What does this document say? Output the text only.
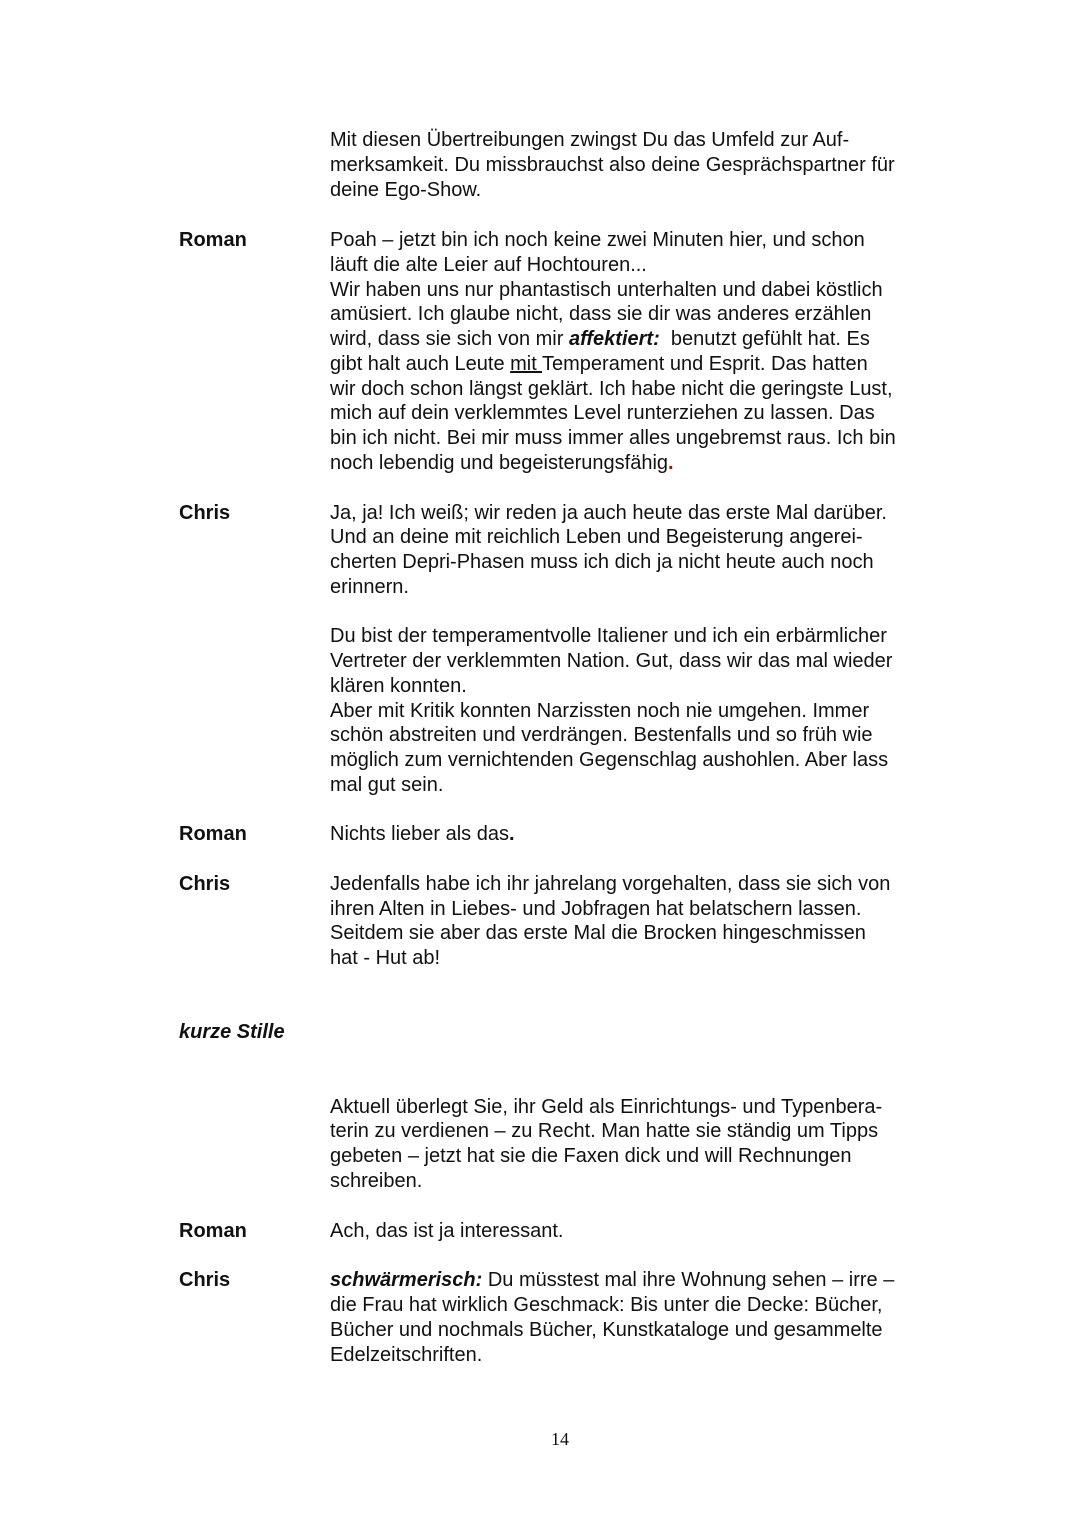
Mit diesen Übertreibungen zwingst Du das Umfeld zur Auf-
merksamkeit. Du missbrauchst also deine Gesprächspartner für
deine Ego-Show.
Roman	Poah – jetzt bin ich noch keine zwei Minuten hier, und schon
läuft die alte Leier auf Hochtouren...
Wir haben uns nur phantastisch unterhalten und dabei köstlich
amüsiert. Ich glaube nicht, dass sie dir was anderes erzählen
wird, dass sie sich von mir affektiert:  benutzt gefühlt hat. Es
gibt halt auch Leute mit Temperament und Esprit. Das hatten
wir doch schon längst geklärt. Ich habe nicht die geringste Lust,
mich auf dein verklemmtes Level runterziehen zu lassen. Das
bin ich nicht. Bei mir muss immer alles ungebremst raus. Ich bin
noch lebendig und begeisterungsfähig.
Chris	Ja, ja! Ich weiß; wir reden ja auch heute das erste Mal darüber.
Und an deine mit reichlich Leben und Begeisterung angerei-
cherten Depri-Phasen muss ich dich ja nicht heute auch noch
erinnern.
Du bist der temperamentvolle Italiener und ich ein erbärmlicher
Vertreter der verklemmten Nation. Gut, dass wir das mal wieder
klären konnten.
Aber mit Kritik konnten Narzissten noch nie umgehen. Immer
schön abstreiten und verdrängen. Bestenfalls und so früh wie
möglich zum vernichtenden Gegenschlag aushohlen. Aber lass
mal gut sein.
Roman	Nichts lieber als das.
Chris	Jedenfalls habe ich ihr jahrelang vorgehalten, dass sie sich von
ihren Alten in Liebes- und Jobfragen hat belatschern lassen.
Seitdem sie aber das erste Mal die Brocken hingeschmissen
hat - Hut ab!
kurze Stille
Aktuell überlegt Sie, ihr Geld als Einrichtungs- und Typenbera-
terin zu verdienen – zu Recht. Man hatte sie ständig um Tipps
gebeten – jetzt hat sie die Faxen dick und will Rechnungen
schreiben.
Roman	Ach, das ist ja interessant.
Chris	schwärmerisch: Du müsstest mal ihre Wohnung sehen – irre –
die Frau hat wirklich Geschmack: Bis unter die Decke: Bücher,
Bücher und nochmals Bücher, Kunstkataloge und gesammelte
Edelzeitschriften.
14
